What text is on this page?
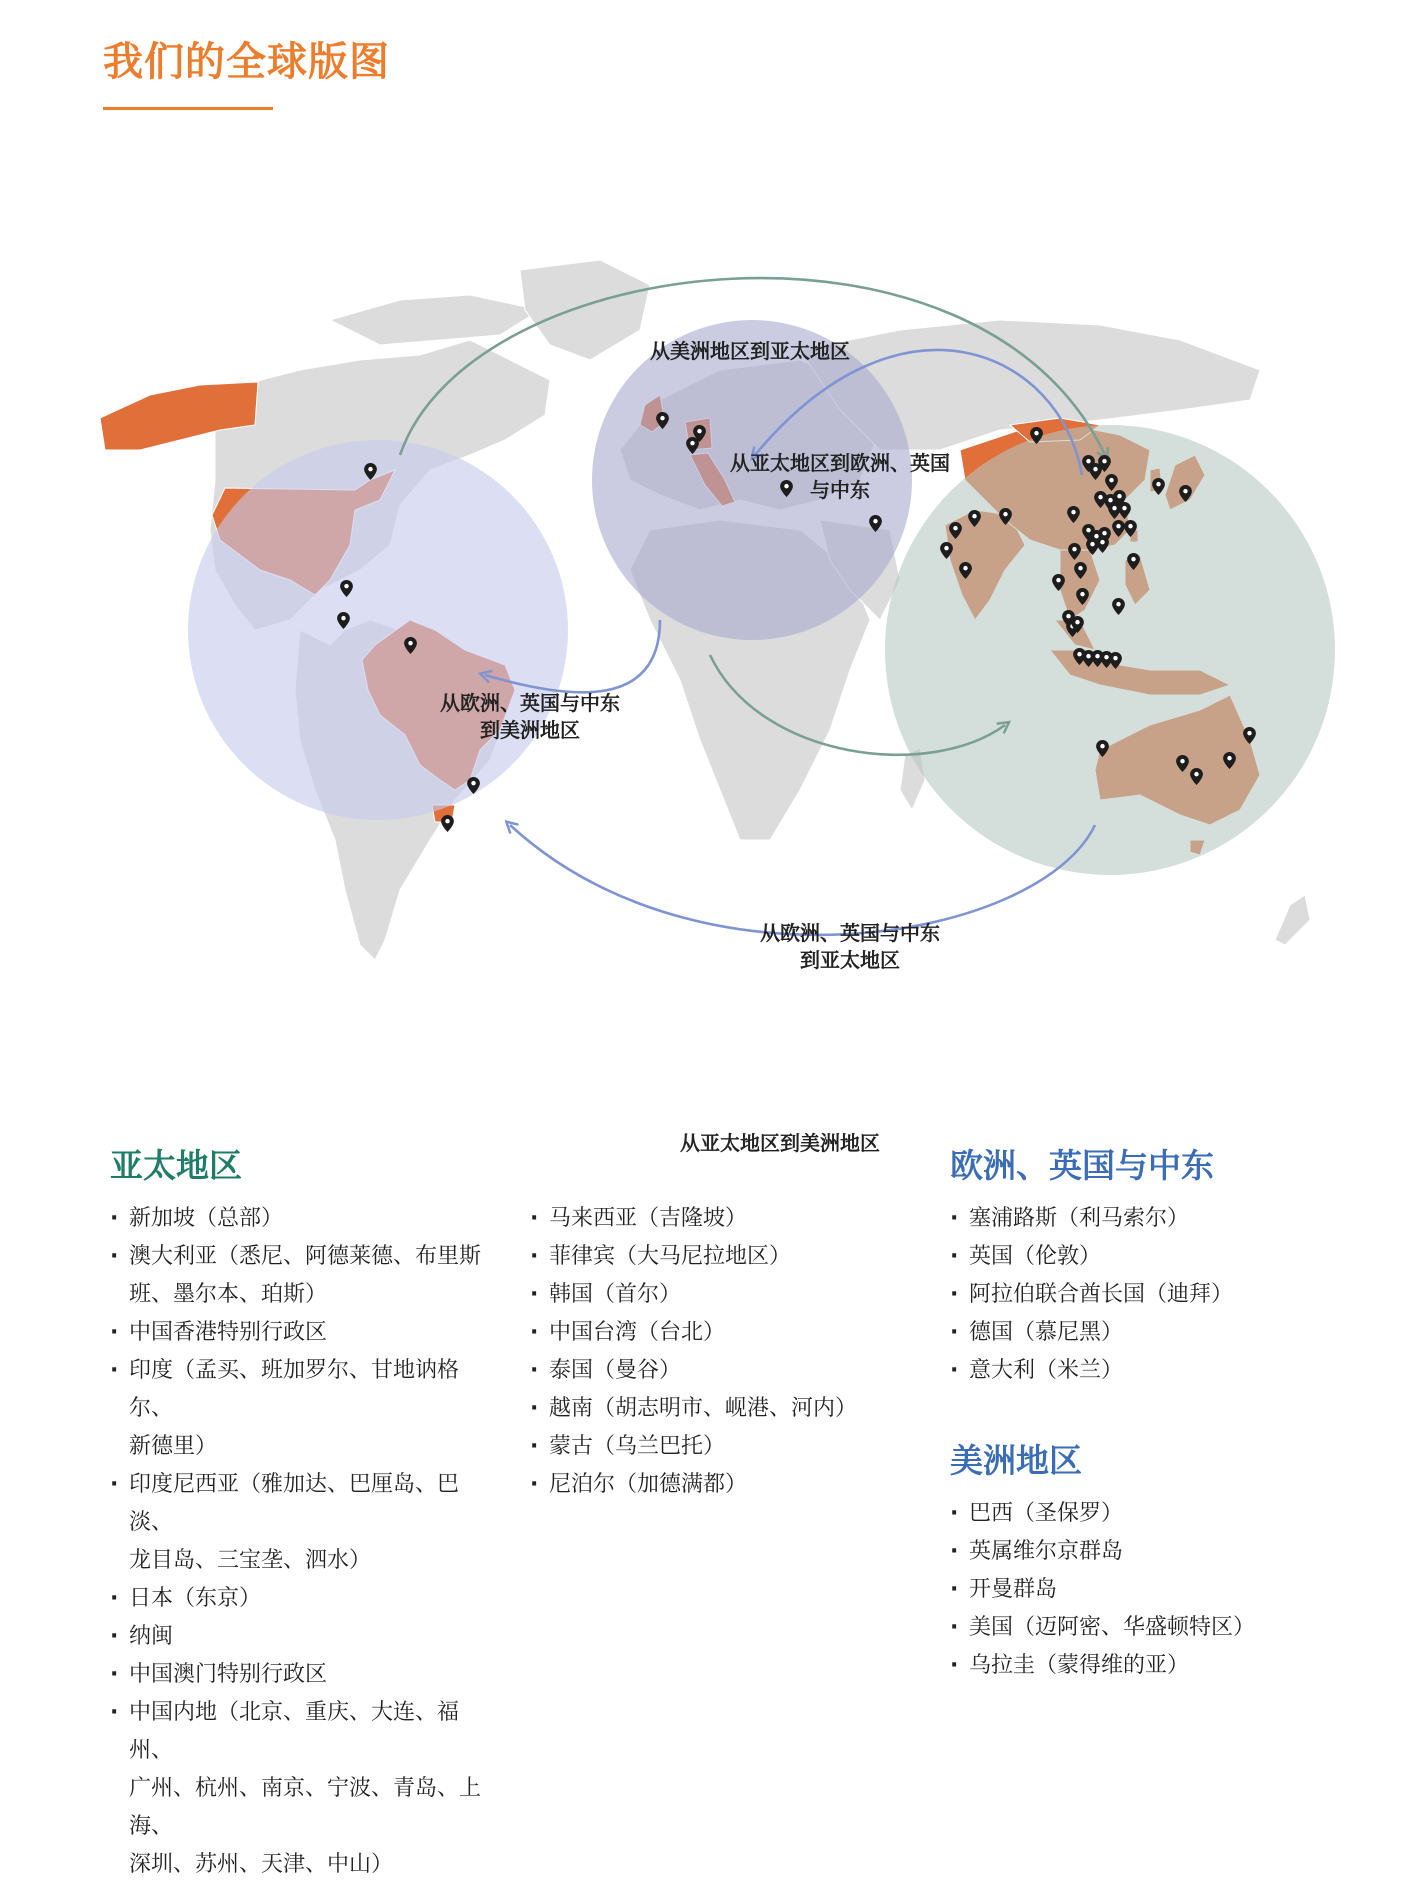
我们的全球版图
从美洲地区到亚太地区
从亚太地区到欧洲、英国
与中东
从欧洲、英国与中东
到美洲地区
从欧洲、英国与中东
到亚太地区
从亚太地区到美洲地区
亚太地区
· 新加坡（总部）
· 澳大利亚（悉尼、阿德莱德、布里斯
班、墨尔本、珀斯）
· 中国香港特别行政区
· 印度（孟买、班加罗尔、甘地讷格尔、
新德里）
· 印度尼西亚（雅加达、巴厘岛、巴淡、
龙目岛、三宝垄、泗水）
· 日本（东京）
· 纳闽
· 中国澳门特别行政区
· 中国内地（北京、重庆、大连、福州、
广州、杭州、南京、宁波、青岛、上海、
深圳、苏州、天津、中山）
· 马来西亚（吉隆坡）
· 菲律宾（大马尼拉地区）
· 韩国（首尔）
· 中国台湾（台北）
· 泰国（曼谷）
· 越南（胡志明市、岘港、河内）
· 蒙古（乌兰巴托）
· 尼泊尔（加德满都）
欧洲、英国与中东
· 塞浦路斯（利马索尔）
· 英国（伦敦）
· 阿拉伯联合酋长国（迪拜）
· 德国（慕尼黑）
· 意大利（米兰）
美洲地区
· 巴西（圣保罗）
· 英属维尔京群岛
· 开曼群岛
· 美国（迈阿密、华盛顿特区）
· 乌拉圭（蒙得维的亚）
